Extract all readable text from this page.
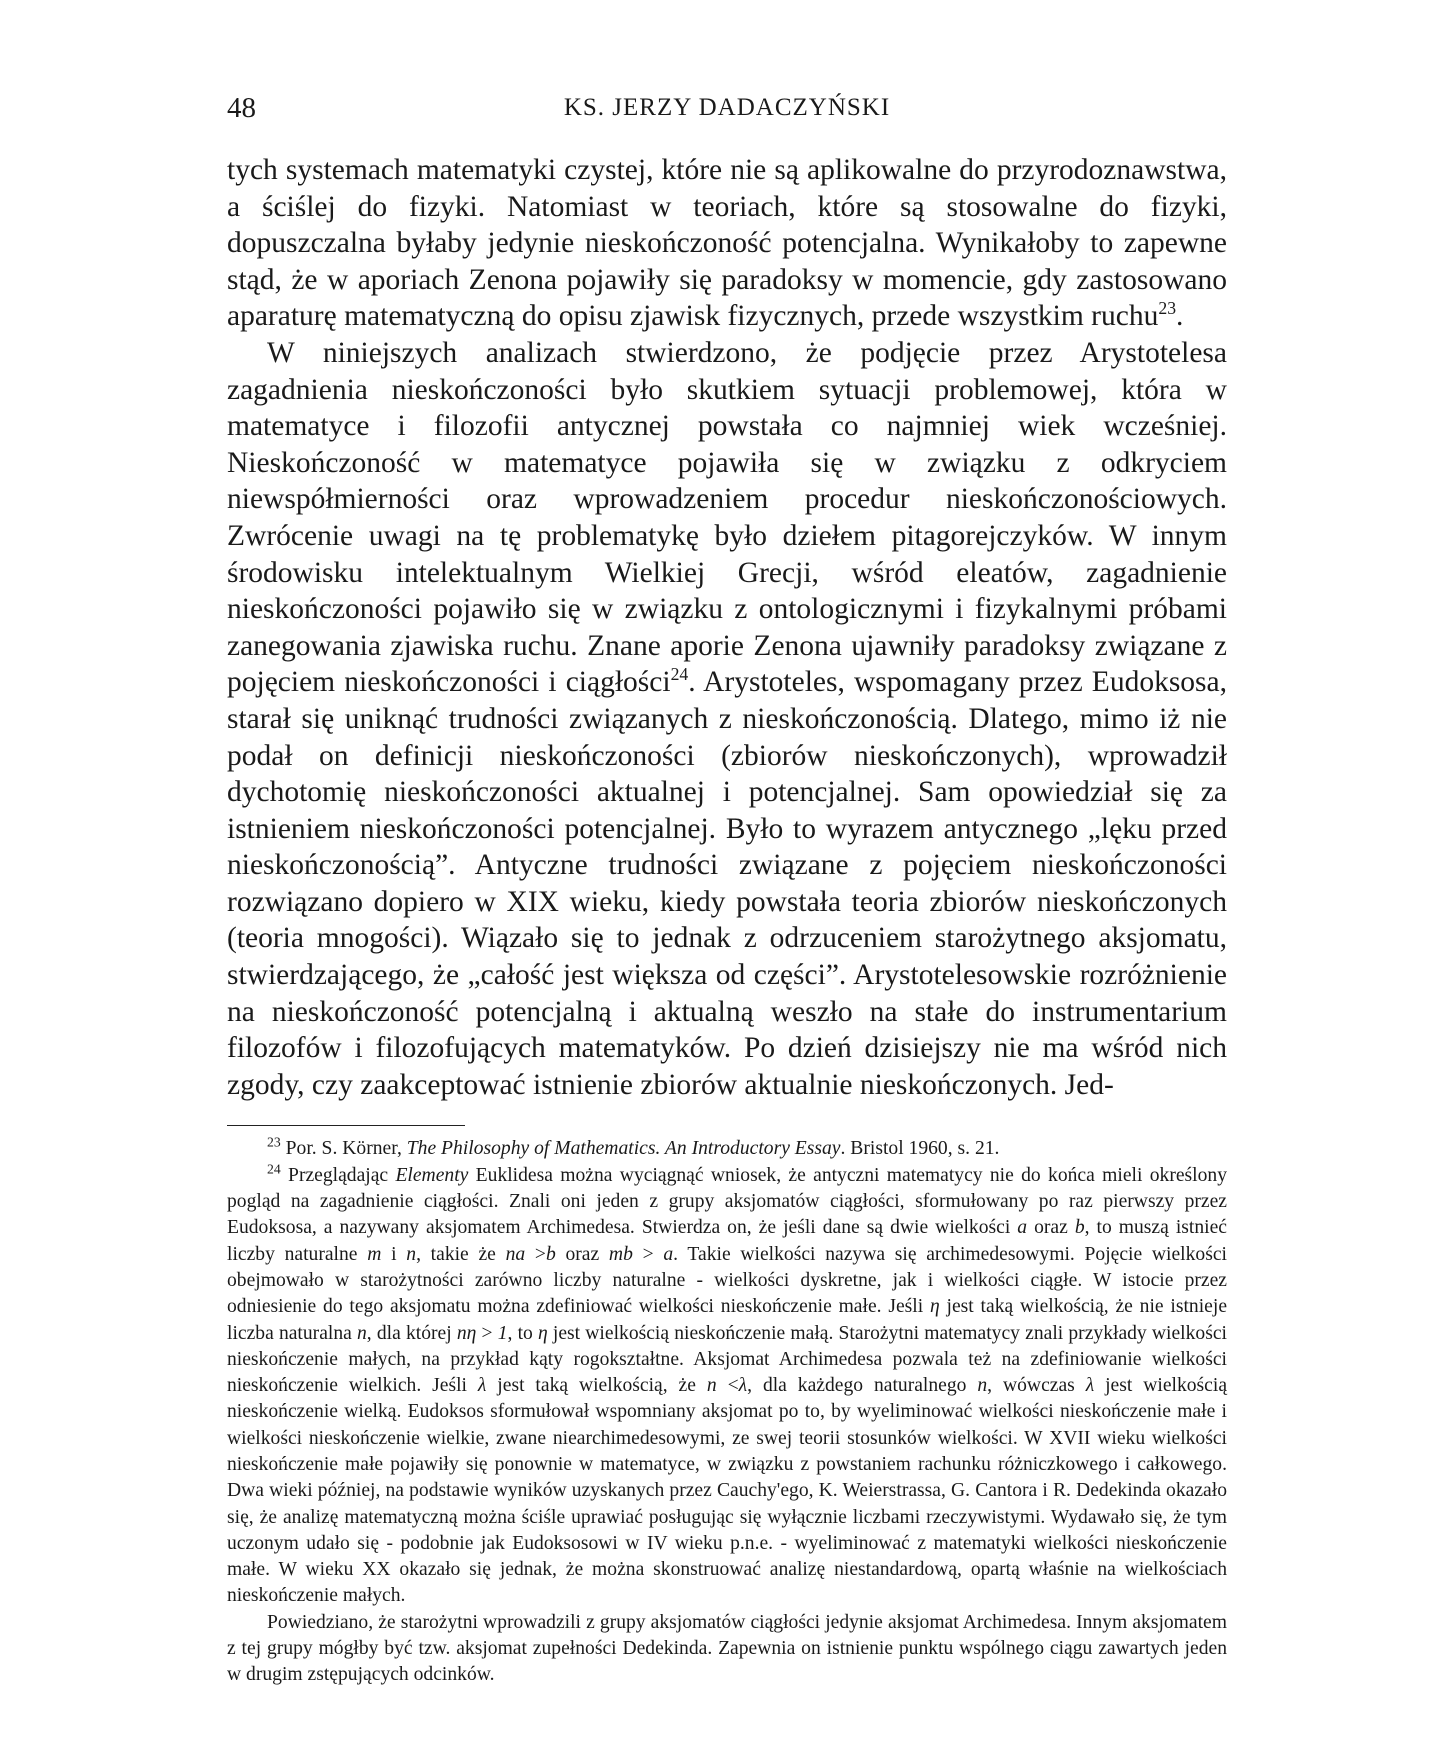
48	KS. JERZY DADACZYŃSKI

tych systemach matematyki czystej, które nie są aplikowalne do przyrodoznawstwa, a ściślej do fizyki. Natomiast w teoriach, które są stosowalne do fizyki, dopuszczalna byłaby jedynie nieskończoność potencjalna. Wynikałoby to zapewne stąd, że w aporiach Zenona pojawiły się paradoksy w momencie, gdy zastosowano aparaturę matematyczną do opisu zjawisk fizycznych, przede wszystkim ruchu$^{23}$.

W niniejszych analizach stwierdzono, że podjęcie przez Arystotelesa zagadnienia nieskończoności było skutkiem sytuacji problemowej, która w matematyce i filozofii antycznej powstała co najmniej wiek wcześniej. Nieskończoność w matematyce pojawiła się w związku z odkryciem niewspółmierności oraz wprowadzeniem procedur nieskończonościowych. Zwrócenie uwagi na tę problematykę było dziełem pitagorejczyków. W innym środowisku intelektualnym Wielkiej Grecji, wśród eleatów, zagadnienie nieskończoności pojawiło się w związku z ontologicznymi i fizykalnymi próbami zanegowania zjawiska ruchu. Znane aporie Zenona ujawniły paradoksy związane z pojęciem nieskończoności i ciągłości$^{24}$. Arystoteles, wspomagany przez Eudoksosa, starał się uniknąć trudności związanych z nieskończonością. Dlatego, mimo iż nie podał on definicji nieskończoności (zbiorów nieskończonych), wprowadził dychotomię nieskończoności aktualnej i potencjalnej. Sam opowiedział się za istnieniem nieskończoności potencjalnej. Było to wyrazem antycznego „lęku przed nieskończonością”. Antyczne trudności związane z pojęciem nieskończoności rozwiązano dopiero w XIX wieku, kiedy powstała teoria zbiorów nieskończonych (teoria mnogości). Wiązało się to jednak z odrzuceniem starożytnego aksjomatu, stwierdzającego, że „całość jest większa od części”. Arystotelesowskie rozróżnienie na nieskończoność potencjalną i aktualną weszło na stałe do instrumentarium filozofów i filozofujących matematyków. Po dzień dzisiejszy nie ma wśród nich zgody, czy zaakceptować istnienie zbiorów aktualnie nieskończonych. Jed-

$^{23}$ Por. S. Körner, The Philosophy of Mathematics. An Introductory Essay. Bristol 1960, s. 21.

$^{24}$ Przeglądając Elementy Euklidesa można wyciągnąć wniosek, że antyczni matematycy nie do końca mieli określony pogląd na zagadnienie ciągłości. Znali oni jeden z grupy aksjomatów ciągłości, sformułowany po raz pierwszy przez Eudoksosa, a nazywany aksjomatem Archimedesa. Stwierdza on, że jeśli dane są dwie wielkości a oraz b, to muszą istnieć liczby naturalne m i n, takie że na >b oraz mb > a. Takie wielkości nazywa się archimedesowymi. Pojęcie wielkości obejmowało w starożytności zarówno liczby naturalne - wielkości dyskretne, jak i wielkości ciągłe. W istocie przez odniesienie do tego aksjomatu można zdefiniować wielkości nieskończenie małe. Jeśli η jest taką wielkością, że nie istnieje liczba naturalna n, dla której nη > 1, to η jest wielkością nieskończenie małą. Starożytni matematycy znali przykłady wielkości nieskończenie małych, na przykład kąty rogokształtne. Aksjomat Archimedesa pozwala też na zdefiniowanie wielkości nieskończenie wielkich. Jeśli λ jest taką wielkością, że n <λ, dla każdego naturalnego n, wówczas λ jest wielkością nieskończenie wielką. Eudoksos sformułował wspomniany aksjomat po to, by wyeliminować wielkości nieskończenie małe i wielkości nieskończenie wielkie, zwane niearchimedesowymi, ze swej teorii stosunków wielkości. W XVII wieku wielkości nieskończenie małe pojawiły się ponownie w matematyce, w związku z powstaniem rachunku różniczkowego i całkowego. Dwa wieki później, na podstawie wyników uzyskanych przez Cauchy'ego, K. Weierstrassa, G. Cantora i R. Dedekinda okazało się, że analizę matematyczną można ściśle uprawiać posługując się wyłącznie liczbami rzeczywistymi. Wydawało się, że tym uczonym udało się - podobnie jak Eudoksosowi w IV wieku p.n.e. - wyeliminować z matematyki wielkości nieskończenie małe. W wieku XX okazało się jednak, że można skonstruować analizę niestandardową, opartą właśnie na wielkościach nieskończenie małych.

Powiedziano, że starożytni wprowadzili z grupy aksjomatów ciągłości jedynie aksjomat Archimedesa. Innym aksjomatem z tej grupy mógłby być tzw. aksjomat zupełności Dedekinda. Zapewnia on istnienie punktu wspólnego ciągu zawartych jeden w drugim zstępujących odcinków.
